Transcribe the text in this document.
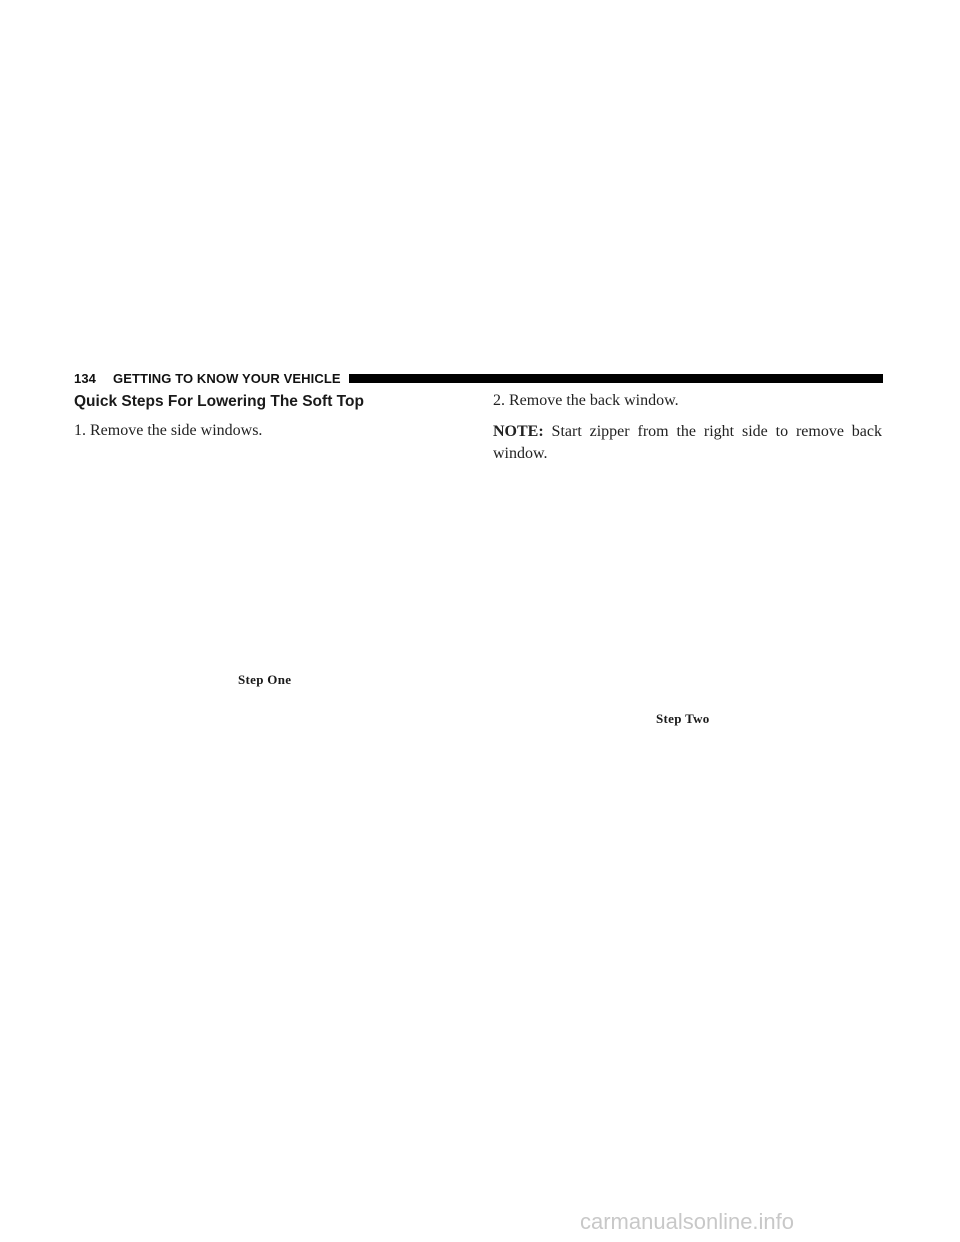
134	GETTING TO KNOW YOUR VEHICLE
Quick Steps For Lowering The Soft Top
1. Remove the side windows.
Step One
2. Remove the back window.
NOTE: Start zipper from the right side to remove back window.
Step Two
carmanualsonline.info
